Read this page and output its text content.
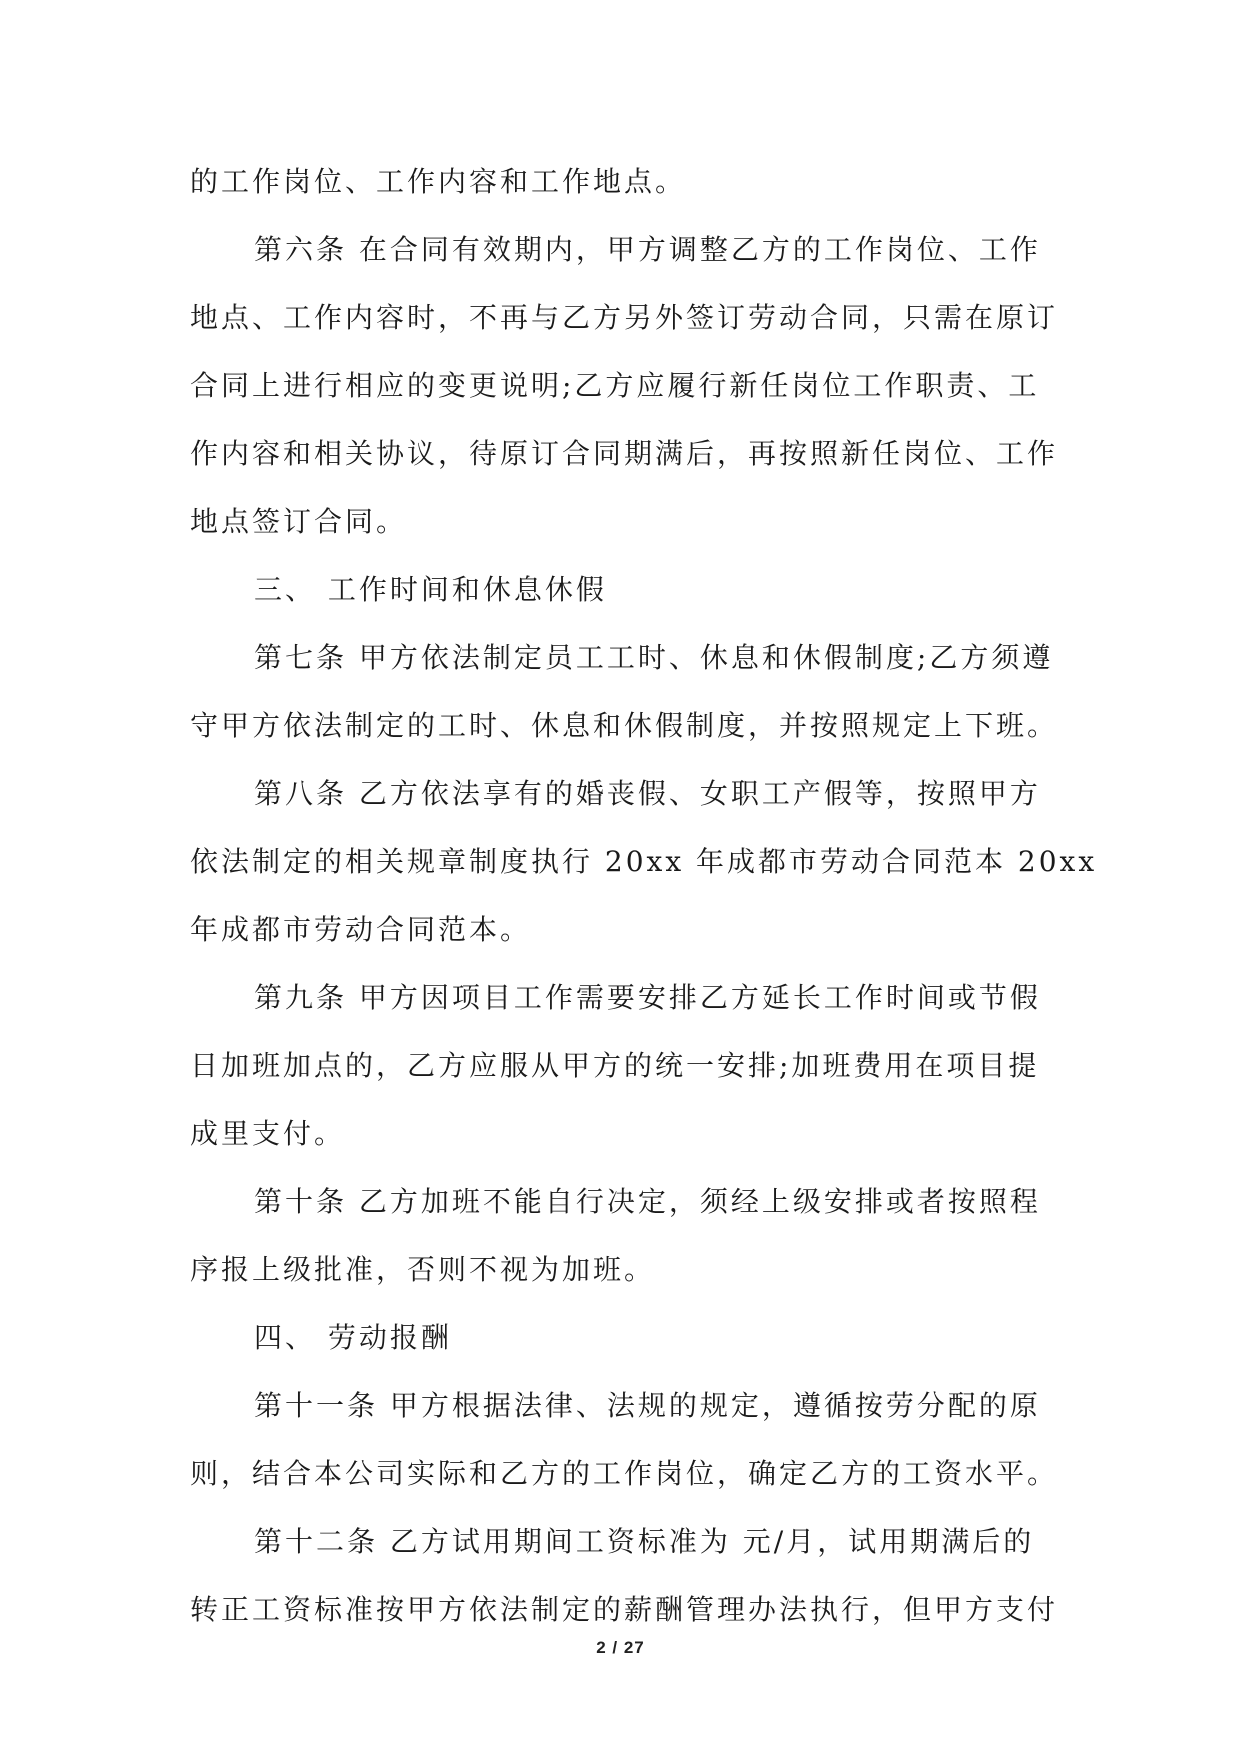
的工作岗位、工作内容和工作地点。
第六条 在合同有效期内，甲方调整乙方的工作岗位、工作
地点、工作内容时，不再与乙方另外签订劳动合同，只需在原订
合同上进行相应的变更说明;乙方应履行新任岗位工作职责、工
作内容和相关协议，待原订合同期满后，再按照新任岗位、工作
地点签订合同。
三、 工作时间和休息休假
第七条 甲方依法制定员工工时、休息和休假制度;乙方须遵
守甲方依法制定的工时、休息和休假制度，并按照规定上下班。
第八条 乙方依法享有的婚丧假、女职工产假等，按照甲方
依法制定的相关规章制度执行 20xx 年成都市劳动合同范本 20xx
年成都市劳动合同范本。
第九条 甲方因项目工作需要安排乙方延长工作时间或节假
日加班加点的，乙方应服从甲方的统一安排;加班费用在项目提
成里支付。
第十条 乙方加班不能自行决定，须经上级安排或者按照程
序报上级批准，否则不视为加班。
四、 劳动报酬
第十一条 甲方根据法律、法规的规定，遵循按劳分配的原
则，结合本公司实际和乙方的工作岗位，确定乙方的工资水平。
第十二条 乙方试用期间工资标准为 元/月，试用期满后的
转正工资标准按甲方依法制定的薪酬管理办法执行，但甲方支付
2 / 27
